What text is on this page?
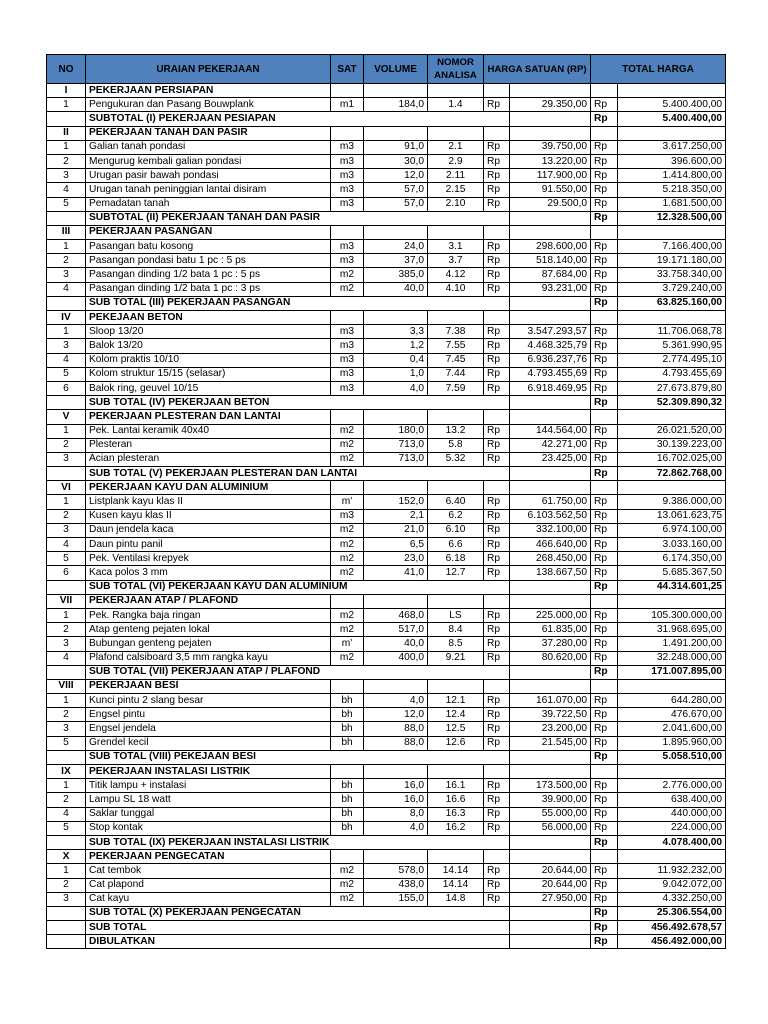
NO	URAIAN PEKERJAAN	SAT	VOLUME	NOMOR ANALISA	HARGA SATUAN (RP)		TOTAL HARGA	
I	PEKERJAAN PERSIAPAN							
1	Pengukuran dan Pasang Bouwplank	m1	184,0	1.4	Rp	29.350,00	Rp	5.400.400,00
	SUBTOTAL (I) PEKERJAAN PESIAPAN						Rp	5.400.400,00
II	PEKERJAAN TANAH DAN PASIR							
1	Galian tanah pondasi	m3	91,0	2.1	Rp	39.750,00	Rp	3.617.250,00
2	Mengurug kembali galian pondasi	m3	30,0	2.9	Rp	13.220,00	Rp	396.600,00
3	Urugan pasir bawah pondasi	m3	12,0	2.11	Rp	117.900,00	Rp	1.414.800,00
4	Urugan tanah peninggian lantai disiram	m3	57,0	2.15	Rp	91.550,00	Rp	5.218.350,00
5	Pemadatan tanah	m3	57,0	2.10	Rp	29.500,0	Rp	1.681.500,00
	SUBTOTAL (II) PEKERJAAN TANAH DAN PASIR						Rp	12.328.500,00
III	PEKERJAAN PASANGAN							
1	Pasangan batu kosong	m3	24,0	3.1	Rp	298.600,00	Rp	7.166.400,00
2	Pasangan pondasi batu 1 pc : 5 ps	m3	37,0	3.7	Rp	518.140,00	Rp	19.171.180,00
3	Pasangan dinding 1/2 bata 1 pc : 5 ps	m2	385,0	4.12	Rp	87.684,00	Rp	33.758.340,00
4	Pasangan dinding 1/2 bata 1 pc : 3 ps	m2	40,0	4.10	Rp	93.231,00	Rp	3.729.240,00
	SUB TOTAL (III) PEKERJAAN PASANGAN						Rp	63.825.160,00
IV	PEKEJAAN BETON							
1	Sloop 13/20	m3	3,3	7.38	Rp	3.547.293,57	Rp	11.706.068,78
3	Balok 13/20	m3	1,2	7.55	Rp	4.468.325,79	Rp	5.361.990,95
4	Kolom praktis 10/10	m3	0,4	7.45	Rp	6.936.237,76	Rp	2.774.495,10
5	Kolom struktur 15/15 (selasar)	m3	1,0	7.44	Rp	4.793.455,69	Rp	4.793.455,69
6	Balok ring, geuvel 10/15	m3	4,0	7.59	Rp	6.918.469,95	Rp	27.673.879,80
	SUB TOTAL (IV) PEKERJAAN BETON						Rp	52.309.890,32
V	PEKERJAAN PLESTERAN DAN LANTAI							
1	Pek. Lantai keramik 40x40	m2	180,0	13.2	Rp	144.564,00	Rp	26.021.520,00
2	Plesteran	m2	713,0	5.8	Rp	42.271,00	Rp	30.139.223,00
3	Acian plesteran	m2	713,0	5.32	Rp	23.425,00	Rp	16.702.025,00
	SUB TOTAL (V) PEKERJAAN PLESTERAN DAN LANTAI						Rp	72.862.768,00
VI	PEKERJAAN KAYU DAN ALUMINIUM							
1	Listplank kayu klas II	m'	152,0	6.40	Rp	61.750,00	Rp	9.386.000,00
2	Kusen kayu klas II	m3	2,1	6.2	Rp	6.103.562,50	Rp	13.061.623,75
3	Daun jendela kaca	m2	21,0	6.10	Rp	332.100,00	Rp	6.974.100,00
4	Daun pintu panil	m2	6,5	6.6	Rp	466.640,00	Rp	3.033.160,00
5	Pek. Ventilasi krepyek	m2	23,0	6.18	Rp	268.450,00	Rp	6.174.350,00
6	Kaca polos 3 mm	m2	41,0	12.7	Rp	138.667,50	Rp	5.685.367,50
	SUB TOTAL (VI) PEKERJAAN KAYU DAN ALUMINIUM						Rp	44.314.601,25
VII	PEKERJAAN ATAP / PLAFOND							
1	Pek. Rangka baja ringan	m2	468,0	LS	Rp	225.000,00	Rp	105.300.000,00
2	Atap genteng pejaten lokal	m2	517,0	8.4	Rp	61.835,00	Rp	31.968.695,00
3	Bubungan genteng pejaten	m'	40,0	8.5	Rp	37.280,00	Rp	1.491.200,00
4	Plafond calsiboard 3,5 mm rangka kayu	m2	400,0	9.21	Rp	80.620,00	Rp	32.248.000,00
	SUB TOTAL (VII) PEKERJAAN ATAP / PLAFOND						Rp	171.007.895,00
VIII	PEKERJAAN BESI							
1	Kunci pintu 2 slang besar	bh	4,0	12.1	Rp	161.070,00	Rp	644.280,00
2	Engsel pintu	bh	12,0	12.4	Rp	39.722,50	Rp	476.670,00
3	Engsel jendela	bh	88,0	12.5	Rp	23.200,00	Rp	2.041.600,00
5	Grendel kecil	bh	88,0	12.6	Rp	21.545,00	Rp	1.895.960,00
	SUB TOTAL (VIII) PEKEJAAN BESI						Rp	5.058.510,00
IX	PEKERJAAN INSTALASI LISTRIK							
1	Titik lampu + instalasi	bh	16,0	16.1	Rp	173.500,00	Rp	2.776.000,00
2	Lampu SL 18 watt	bh	16,0	16.6	Rp	39.900,00	Rp	638.400,00
4	Saklar tunggal	bh	8,0	16.3	Rp	55.000,00	Rp	440.000,00
5	Stop kontak	bh	4,0	16.2	Rp	56.000,00	Rp	224.000,00
	SUB TOTAL (IX) PEKERJAAN INSTALASI LISTRIK						Rp	4.078.400,00
X	PEKERJAAN PENGECATAN							
1	Cat tembok	m2	578,0	14.14	Rp	20.644,00	Rp	11.932.232,00
2	Cat plapond	m2	438,0	14.14	Rp	20.644,00	Rp	9.042.072,00
3	Cat kayu	m2	155,0	14.8	Rp	27.950,00	Rp	4.332.250,00
	SUB TOTAL (X) PEKERJAAN PENGECATAN						Rp	25.306.554,00
	SUB TOTAL						Rp	456.492.678,57
	DIBULATKAN						Rp	456.492.000,00
